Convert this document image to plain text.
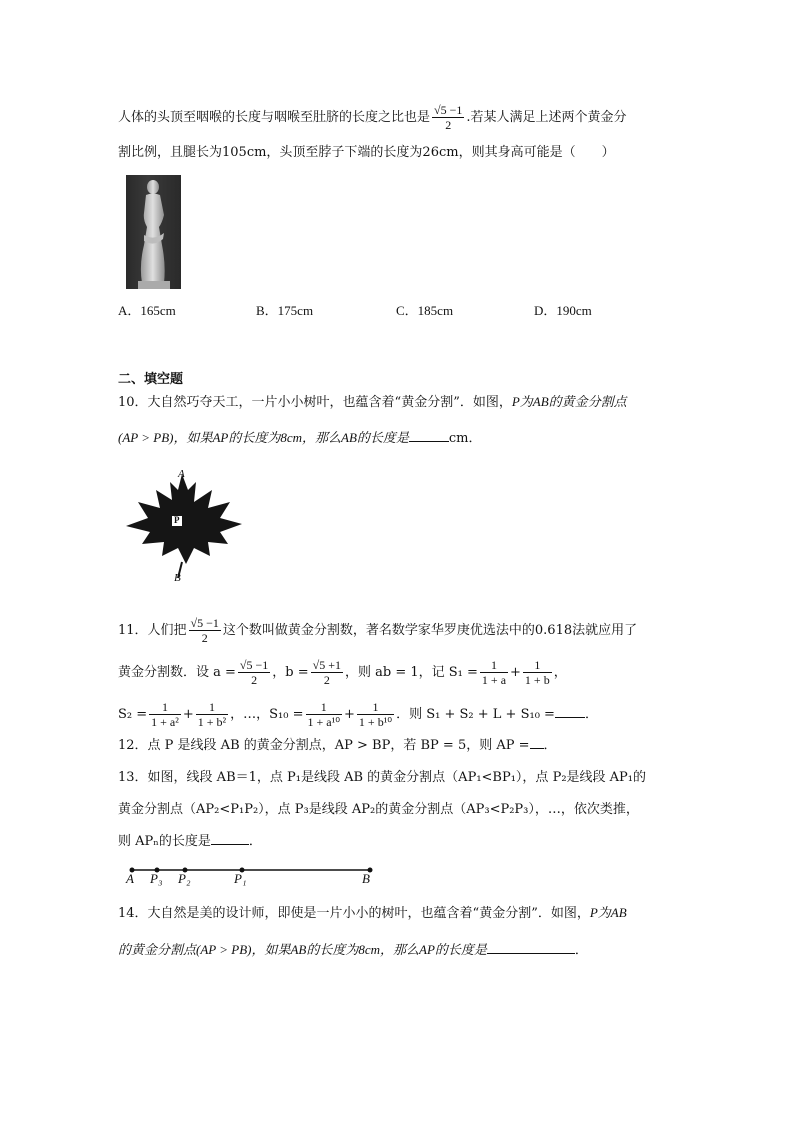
人体的头顶至咽喉的长度与咽喉至肚脐的长度之比也是 $\frac{√5 -1}{2}$ .若某人满足上述两个黄金分
割比例，且腿长为105cm，头顶至脖子下端的长度为26cm，则其身高可能是（　　）
A．165cm	B．175cm	C．185cm	D．190cm
二、填空题
10．大自然巧夺天工，一片小小树叶，也蕴含着“黄金分割”．如图，P为AB的黄金分割点
(AP > PB)，如果AP的长度为8cm，那么AB的长度是	cm．
A
P
B
11．人们把 $\frac{√5 -1}{2}$ 这个数叫做黄金分割数，著名数学家华罗庚优选法中的0.618法就应用了
黄金分割数．设 $a = \frac{√5 -1}{2}$ ，$b = \frac{√5 +1}{2}$ ，则 ab = 1，记 $S_1 = \frac{1}{1 + a} + \frac{1}{1 + b}$ ，
$S_2 = \frac{1}{\text{1 + a²}} + \frac{1}{\text{1 + b²}}$ ，…，$S_{10} = \frac{1}{\text{1 + a¹⁰}} + \frac{1}{\text{1 + b¹⁰}}$ ．则 S₁ + S₂ + L + S₁₀ = ．
12．点 P 是线段 AB 的黄金分割点，AP > BP，若 BP = 5，则 AP = ．
13．如图，线段 AB＝1，点 P₁是线段 AB 的黄金分割点（AP₁<BP₁），点 P₂是线段 AP₁的
黄金分割点（AP₂<P₁P₂），点 P₃是线段 AP₂的黄金分割点（AP₃<P₂P₃），…，依次类推，
则 APₙ的长度是	．
A P₃ P₂	P₁	B
14．大自然是美的设计师，即使是一片小小的树叶，也蕴含着“黄金分割”．如图，P为AB
的黄金分割点(AP > PB)，如果AB的长度为8cm，那么AP的长度是	．
